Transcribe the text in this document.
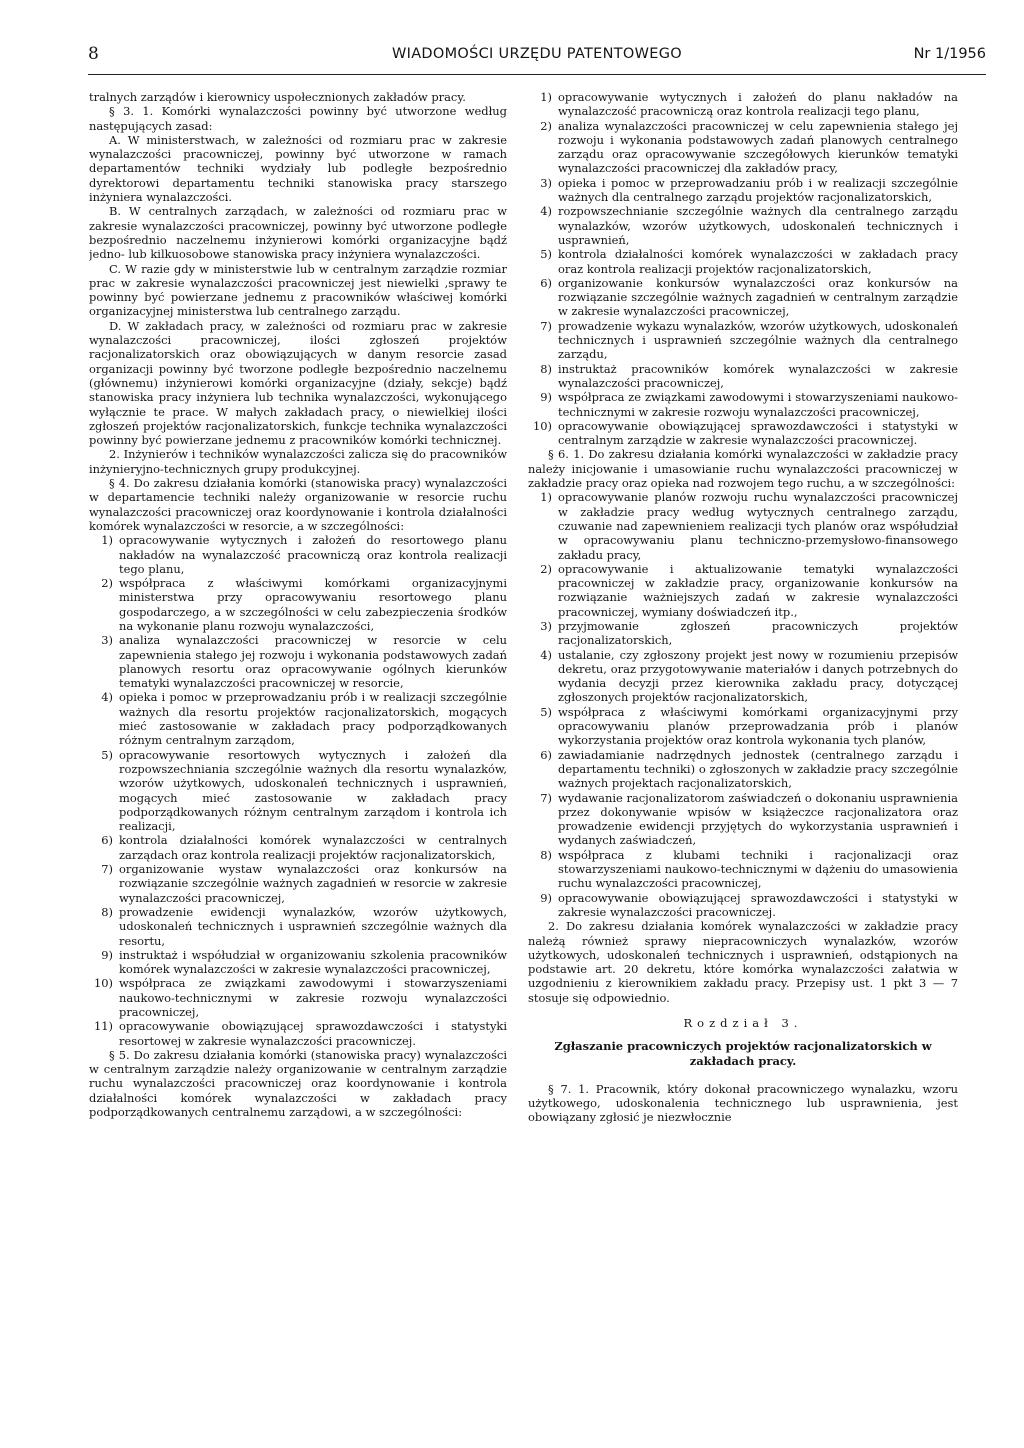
8	WIADOMOŚCI URZĘDU PATENTOWEGO	Nr 1/1956

tralnych zarządów i kierownicy uspołecznionych zakładów pracy.

§ 3. 1. Komórki wynalazczości powinny być utworzone według następujących zasad:

A. W ministerstwach, w zależności od rozmiaru prac w zakresie wynalazczości pracowniczej, powinny być utworzone w ramach departamentów techniki wydziały lub podległe bezpośrednio dyrektorowi departamentu techniki stanowiska pracy starszego inżyniera wynalazczości.

B. W centralnych zarządach, w zależności od rozmiaru prac w zakresie wynalazczości pracowniczej, powinny być utworzone podległe bezpośrednio naczelnemu inżynierowi komórki organizacyjne bądź jedno- lub kilkuosobowe stanowiska pracy inżyniera wynalazczości.

C. W razie gdy w ministerstwie lub w centralnym zarządzie rozmiar prac w zakresie wynalazczości pracowniczej jest niewielki ,sprawy te powinny być powierzane jednemu z pracowników właściwej komórki organizacyjnej ministerstwa lub centralnego zarządu.

D. W zakładach pracy, w zależności od rozmiaru prac w zakresie wynalazczości pracowniczej, ilości zgłoszeń projektów racjonalizatorskich oraz obowiązujących w danym resorcie zasad organizacji powinny być tworzone podległe bezpośrednio naczelnemu (głównemu) inżynierowi komórki organizacyjne (działy, sekcje) bądź stanowiska pracy inżyniera lub technika wynalazczości, wykonującego wyłącznie te prace. W małych zakładach pracy, o niewielkiej ilości zgłoszeń projektów racjonalizatorskich, funkcje technika wynalazczości powinny być powierzane jednemu z pracowników komórki technicznej.

2. Inżynierów i techników wynalazczości zalicza się do pracowników inżynieryjno-technicznych grupy produkcyjnej.

§ 4. Do zakresu działania komórki (stanowiska pracy) wynalazczości w departamencie techniki należy organizowanie w resorcie ruchu wynalazczości pracowniczej oraz koordynowanie i kontrola działalności komórek wynalazczości w resorcie, a w szczególności:

1) opracowywanie wytycznych i założeń do resortowego planu nakładów na wynalazczość pracowniczą oraz kontrola realizacji tego planu,
2) współpraca z właściwymi komórkami organizacyjnymi ministerstwa przy opracowywaniu resortowego planu gospodarczego, a w szczególności w celu zabezpieczenia środków na wykonanie planu rozwoju wynalazczości,
3) analiza wynalazczości pracowniczej w resorcie w celu zapewnienia stałego jej rozwoju i wykonania podstawowych zadań planowych resortu oraz opracowywanie ogólnych kierunków tematyki wynalazczości pracowniczej w resorcie,
4) opieka i pomoc w przeprowadzaniu prób i w realizacji szczególnie ważnych dla resortu projektów racjonalizatorskich, mogących mieć zastosowanie w zakładach pracy podporządkowanych różnym centralnym zarządom,
5) opracowywanie resortowych wytycznych i założeń dla rozpowszechniania szczególnie ważnych dla resortu wynalazków, wzorów użytkowych, udoskonaleń technicznych i usprawnień, mogących mieć zastosowanie w zakładach pracy podporządkowanych różnym centralnym zarządom i kontrola ich realizacji,
6) kontrola działalności komórek wynalazczości w centralnych zarządach oraz kontrola realizacji projektów racjonalizatorskich,
7) organizowanie wystaw wynalazczości oraz konkursów na rozwiązanie szczególnie ważnych zagadnień w resorcie w zakresie wynalazczości pracowniczej,
8) prowadzenie ewidencji wynalazków, wzorów użytkowych, udoskonaleń technicznych i usprawnień szczególnie ważnych dla resortu,
9) instruktaż i współudział w organizowaniu szkolenia pracowników komórek wynalazczości w zakresie wynalazczości pracowniczej,
10) współpraca ze związkami zawodowymi i stowarzyszeniami naukowo-technicznymi w zakresie rozwoju wynalazczości pracowniczej,
11) opracowywanie obowiązującej sprawozdawczości i statystyki resortowej w zakresie wynalazczości pracowniczej.

§ 5. Do zakresu działania komórki (stanowiska pracy) wynalazczości w centralnym zarządzie należy organizowanie w centralnym zarządzie ruchu wynalazczości pracowniczej oraz koordynowanie i kontrola działalności komórek wynalazczości w zakładach pracy podporządkowanych centralnemu zarządowi, a w szczególności:

1) opracowywanie wytycznych i założeń do planu nakładów na wynalazczość pracowniczą oraz kontrola realizacji tego planu,
2) analiza wynalazczości pracowniczej w celu zapewnienia stałego jej rozwoju i wykonania podstawowych zadań planowych centralnego zarządu oraz opracowywanie szczegółowych kierunków tematyki wynalazczości pracowniczej dla zakładów pracy,
3) opieka i pomoc w przeprowadzaniu prób i w realizacji szczególnie ważnych dla centralnego zarządu projektów racjonalizatorskich,
4) rozpowszechnianie szczególnie ważnych dla centralnego zarządu wynalazków, wzorów użytkowych, udoskonaleń technicznych i usprawnień,
5) kontrola działalności komórek wynalazczości w zakładach pracy oraz kontrola realizacji projektów racjonalizatorskich,
6) organizowanie konkursów wynalazczości oraz konkursów na rozwiązanie szczególnie ważnych zagadnień w centralnym zarządzie w zakresie wynalazczości pracowniczej,
7) prowadzenie wykazu wynalazków, wzorów użytkowych, udoskonaleń technicznych i usprawnień szczególnie ważnych dla centralnego zarządu,
8) instruktaż pracowników komórek wynalazczości w zakresie wynalazczości pracowniczej,
9) współpraca ze związkami zawodowymi i stowarzyszeniami naukowo-technicznymi w zakresie rozwoju wynalazczości pracowniczej,
10) opracowywanie obowiązującej sprawozdawczości i statystyki w centralnym zarządzie w zakresie wynalazczości pracowniczej.

§ 6. 1. Do zakresu działania komórki wynalazczości w zakładzie pracy należy inicjowanie i umasowianie ruchu wynalazczości pracowniczej w zakładzie pracy oraz opieka nad rozwojem tego ruchu, a w szczególności:

1) opracowywanie planów rozwoju ruchu wynalazczości pracowniczej w zakładzie pracy według wytycznych centralnego zarządu, czuwanie nad zapewnieniem realizacji tych planów oraz współudział w opracowywaniu planu techniczno-przemysłowo-finansowego zakładu pracy,
2) opracowywanie i aktualizowanie tematyki wynalazczości pracowniczej w zakładzie pracy, organizowanie konkursów na rozwiązanie ważniejszych zadań w zakresie wynalazczości pracowniczej, wymiany doświadczeń itp.,
3) przyjmowanie zgłoszeń pracowniczych projektów racjonalizatorskich,
4) ustalanie, czy zgłoszony projekt jest nowy w rozumieniu przepisów dekretu, oraz przygotowywanie materiałów i danych potrzebnych do wydania decyzji przez kierownika zakładu pracy, dotyczącej zgłoszonych projektów racjonalizatorskich,
5) współpraca z właściwymi komórkami organizacyjnymi przy opracowywaniu planów przeprowadzania prób i planów wykorzystania projektów oraz kontrola wykonania tych planów,
6) zawiadamianie nadrzędnych jednostek (centralnego zarządu i departamentu techniki) o zgłoszonych w zakładzie pracy szczególnie ważnych projektach racjonalizatorskich,
7) wydawanie racjonalizatorom zaświadczeń o dokonaniu usprawnienia przez dokonywanie wpisów w książeczce racjonalizatora oraz prowadzenie ewidencji przyjętych do wykorzystania usprawnień i wydanych zaświadczeń,
8) współpraca z klubami techniki i racjonalizacji oraz stowarzyszeniami naukowo-technicznymi w dążeniu do umasowienia ruchu wynalazczości pracowniczej,
9) opracowywanie obowiązującej sprawozdawczości i statystyki w zakresie wynalazczości pracowniczej.

2. Do zakresu działania komórek wynalazczości w zakładzie pracy należą również sprawy niepracowniczych wynalazków, wzorów użytkowych, udoskonaleń technicznych i usprawnień, odstąpionych na podstawie art. 20 dekretu, które komórka wynalazczości załatwia w uzgodnieniu z kierownikiem zakładu pracy. Przepisy ust. 1 pkt 3 — 7 stosuje się odpowiednio.

Rozdział 3.
Zgłaszanie pracowniczych projektów racjonalizatorskich w zakładach pracy.

§ 7. 1. Pracownik, który dokonał pracowniczego wynalazku, wzoru użytkowego, udoskonalenia technicznego lub usprawnienia, jest obowiązany zgłosić je niezwłocznie
